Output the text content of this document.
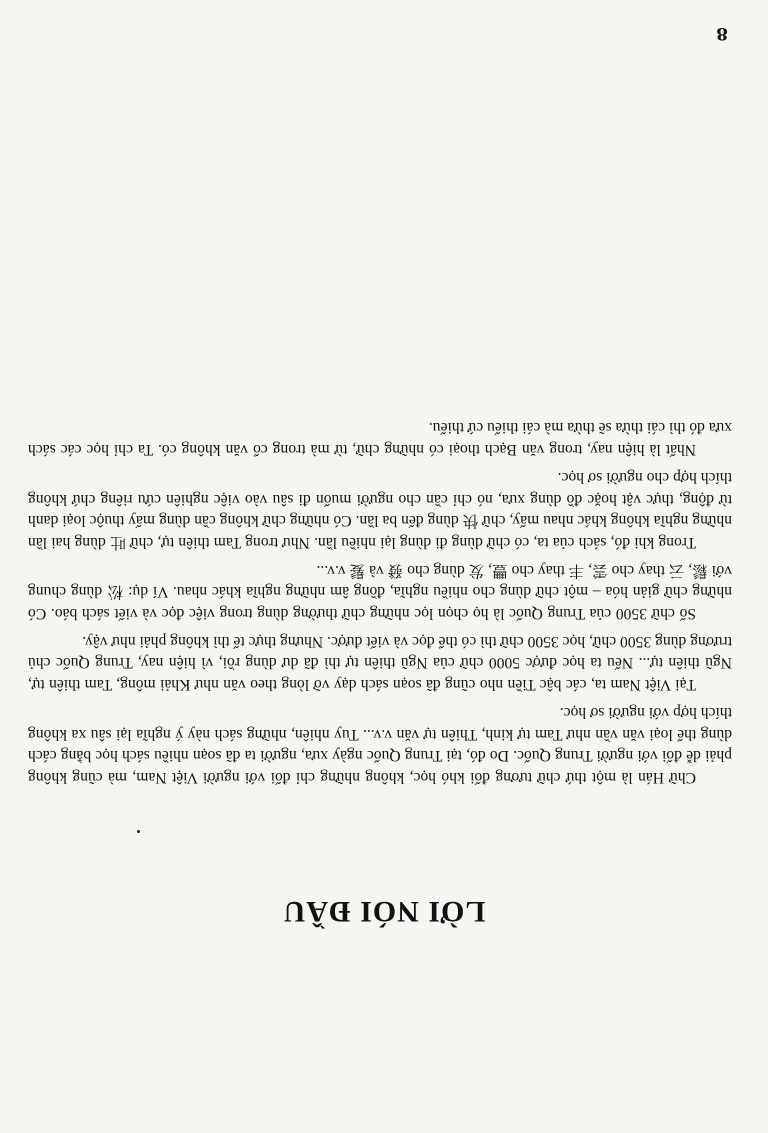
8
LỜI NÓI ĐẦU

Chữ Hán là một thứ chữ tương đối khó học, không những chỉ đối với người Việt Nam, mà cũng không phải dễ đối với người Trung Quốc. Do đó, tại Trung Quốc ngày xưa, người ta đã soạn nhiều sách học bằng cách dùng thể loại văn vần như Tam tự kinh, Thiên tự văn v.v... Tuy nhiên, những sách này ý nghĩa lại sâu xa không thích hợp với người sơ học.

Tại Việt Nam ta, các bậc Tiền nho cũng đã soạn sách dạy vỡ lòng theo văn như Khải mông, Tam thiên tự, Ngũ thiên tự... Nếu ta học được 5000 chữ của Ngũ thiên tự thì đã dư dùng rồi, vì hiện nay, Trung Quốc chủ trương dùng 3500 chữ, học 3500 chữ thì có thể đọc và viết được. Nhưng thực tế thì không phải như vậy.

Số chữ 3500 của Trung Quốc là họ chọn lọc những chữ thường dùng trong việc đọc và viết sách báo. Có những chữ giản hóa – một chữ dùng cho nhiều nghĩa, đồng âm những nghĩa khác nhau. Ví dụ: 松 dùng chung với 鬆, 云 thay cho 雲, 丰 thay cho 豐, 发 dùng cho 發 và 髮 v.v...

Trong khi đó, sách của ta, có chữ dùng đi dùng lại nhiều lần. Như trong Tam thiên tự, chữ 吐 dùng hai lần những nghĩa không khác nhau mấy, chữ 快 dùng đến ba lần. Có những chữ không cần dùng mấy thuộc loại danh từ động, thực vật hoặc đồ dùng xưa, nó chỉ cần cho người muốn đi sâu vào việc nghiên cứu riêng chứ không thích hợp cho người sơ học.

Nhất là hiện nay, trong văn Bạch thoại có những chữ, từ mà trong cổ văn không có. Ta chỉ học các sách xưa đó thì cái thừa sẽ thừa mà cái thiếu cứ thiếu.
